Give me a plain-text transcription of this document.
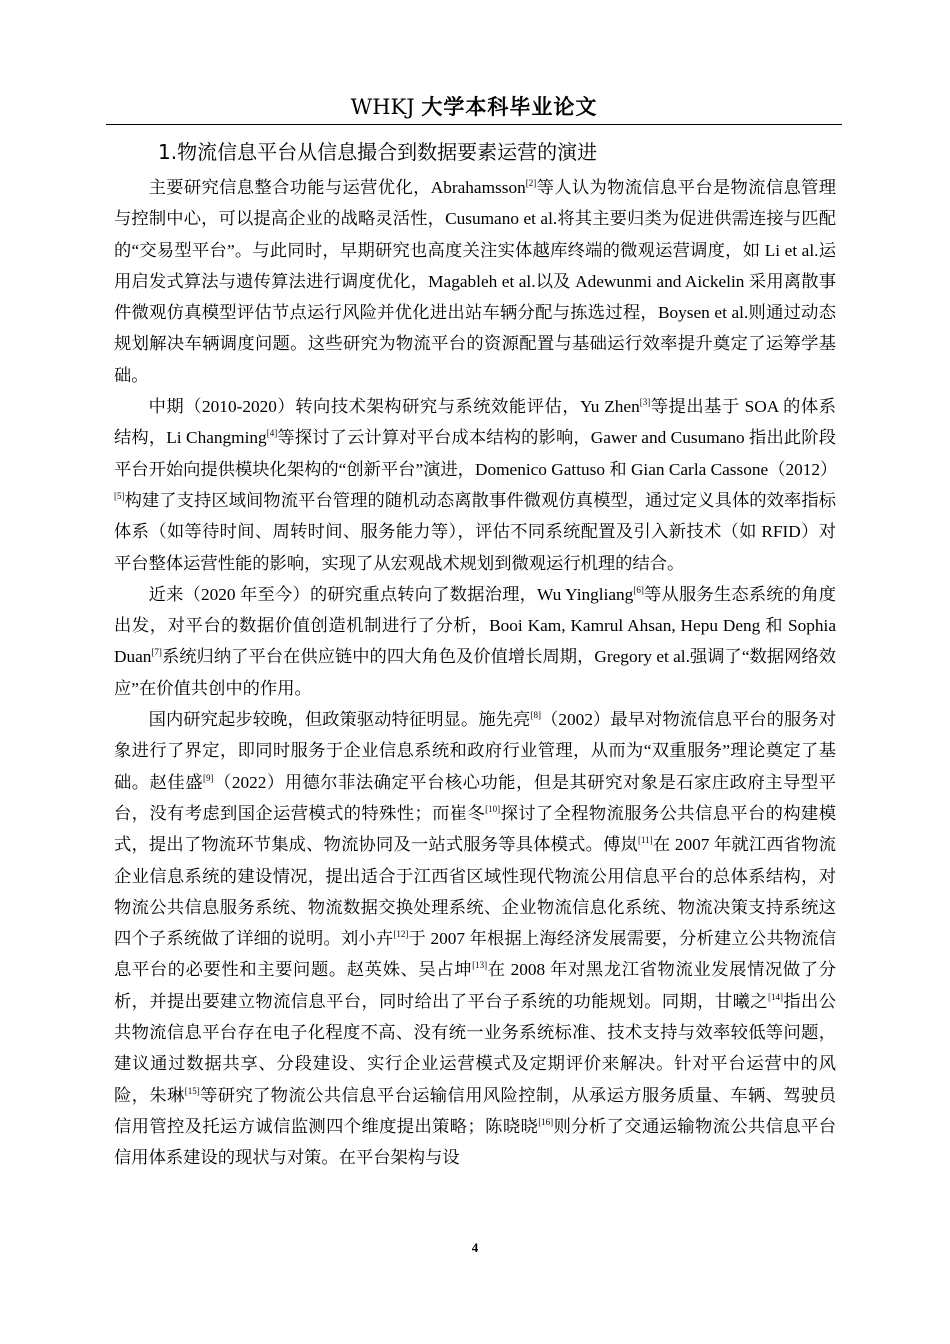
WHKJ 大学本科毕业论文
1.物流信息平台从信息撮合到数据要素运营的演进

主要研究信息整合功能与运营优化，Abrahamsson[2]等人认为物流信息平台是物流信息管理与控制中心，可以提高企业的战略灵活性，Cusumano et al.将其主要归类为促进供需连接与匹配的“交易型平台”。与此同时，早期研究也高度关注实体越库终端的微观运营调度，如 Li et al.运用启发式算法与遗传算法进行调度优化，Magableh et al.以及 Adewunmi and Aickelin 采用离散事件微观仿真模型评估节点运行风险并优化进出站车辆分配与拣选过程，Boysen et al.则通过动态规划解决车辆调度问题。这些研究为物流平台的资源配置与基础运行效率提升奠定了运筹学基础。

中期（2010-2020）转向技术架构研究与系统效能评估，Yu Zhen[3]等提出基于 SOA 的体系结构，Li Changming[4]等探讨了云计算对平台成本结构的影响，Gawer and Cusumano 指出此阶段平台开始向提供模块化架构的“创新平台”演进，Domenico Gattuso 和 Gian Carla Cassone（2012）[5]构建了支持区域间物流平台管理的随机动态离散事件微观仿真模型，通过定义具体的效率指标体系（如等待时间、周转时间、服务能力等），评估不同系统配置及引入新技术（如 RFID）对平台整体运营性能的影响，实现了从宏观战术规划到微观运行机理的结合。

近来（2020 年至今）的研究重点转向了数据治理，Wu Yingliang[6]等从服务生态系统的角度出发，对平台的数据价值创造机制进行了分析，Booi Kam, Kamrul Ahsan, Hepu Deng 和 Sophia Duan[7]系统归纳了平台在供应链中的四大角色及价值增长周期，Gregory et al.强调了“数据网络效应”在价值共创中的作用。

国内研究起步较晚，但政策驱动特征明显。施先亮[8]（2002）最早对物流信息平台的服务对象进行了界定，即同时服务于企业信息系统和政府行业管理，从而为“双重服务”理论奠定了基础。赵佳盛[9]（2022）用德尔菲法确定平台核心功能，但是其研究对象是石家庄政府主导型平台，没有考虑到国企运营模式的特殊性；而崔冬[10]探讨了全程物流服务公共信息平台的构建模式，提出了物流环节集成、物流协同及一站式服务等具体模式。傅岚[11]在 2007 年就江西省物流企业信息系统的建设情况，提出适合于江西省区域性现代物流公用信息平台的总体系结构，对物流公共信息服务系统、物流数据交换处理系统、企业物流信息化系统、物流决策支持系统这四个子系统做了详细的说明。刘小卉[12]于 2007 年根据上海经济发展需要，分析建立公共物流信息平台的必要性和主要问题。赵英姝、吴占坤[13]在 2008 年对黑龙江省物流业发展情况做了分析，并提出要建立物流信息平台，同时给出了平台子系统的功能规划。同期，甘曦之[14]指出公共物流信息平台存在电子化程度不高、没有统一业务系统标准、技术支持与效率较低等问题，建议通过数据共享、分段建设、实行企业运营模式及定期评价来解决。针对平台运营中的风险，朱琳[15]等研究了物流公共信息平台运输信用风险控制，从承运方服务质量、车辆、驾驶员信用管控及托运方诚信监测四个维度提出策略；陈晓晓[16]则分析了交通运输物流公共信息平台信用体系建设的现状与对策。在平台架构与设

4
